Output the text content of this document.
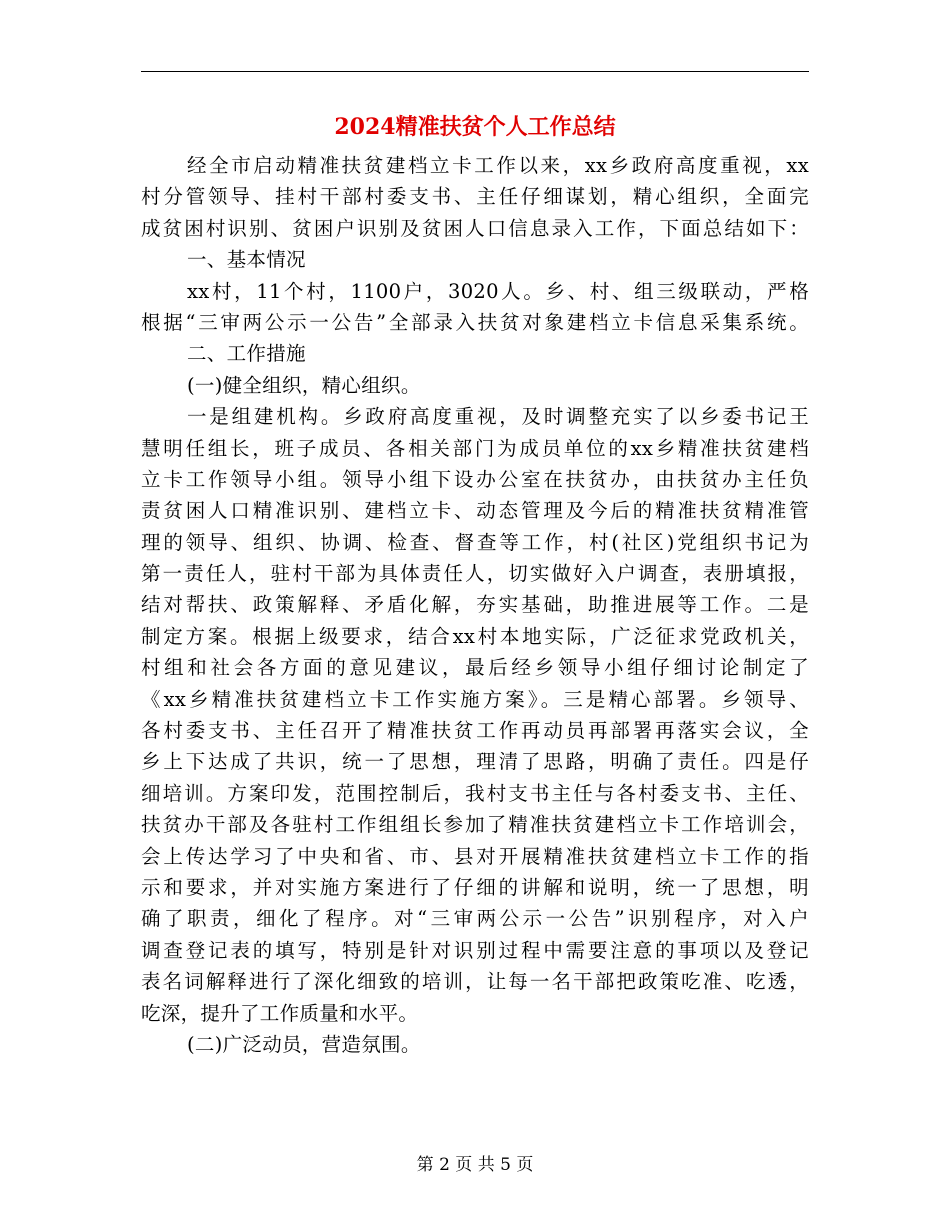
2024精准扶贫个人工作总结
经全市启动精准扶贫建档立卡工作以来，xx乡政府高度重视，xx
村分管领导、挂村干部村委支书、主任仔细谋划，精心组织，全面完
成贫困村识别、贫困户识别及贫困人口信息录入工作，下面总结如下：
一、基本情况
xx村，11个村，1100户，3020人。乡、村、组三级联动，严格
根据“三审两公示一公告”全部录入扶贫对象建档立卡信息采集系统。
二、工作措施
(一)健全组织，精心组织。
一是组建机构。乡政府高度重视，及时调整充实了以乡委书记王
慧明任组长，班子成员、各相关部门为成员单位的xx乡精准扶贫建档
立卡工作领导小组。领导小组下设办公室在扶贫办，由扶贫办主任负
责贫困人口精准识别、建档立卡、动态管理及今后的精准扶贫精准管
理的领导、组织、协调、检查、督查等工作，村(社区)党组织书记为
第一责任人，驻村干部为具体责任人，切实做好入户调查，表册填报，
结对帮扶、政策解释、矛盾化解，夯实基础，助推进展等工作。二是
制定方案。根据上级要求，结合xx村本地实际，广泛征求党政机关，
村组和社会各方面的意见建议，最后经乡领导小组仔细讨论制定了
《xx乡精准扶贫建档立卡工作实施方案》。三是精心部署。乡领导、
各村委支书、主任召开了精准扶贫工作再动员再部署再落实会议，全
乡上下达成了共识，统一了思想，理清了思路，明确了责任。四是仔
细培训。方案印发，范围控制后，我村支书主任与各村委支书、主任、
扶贫办干部及各驻村工作组组长参加了精准扶贫建档立卡工作培训会，
会上传达学习了中央和省、市、县对开展精准扶贫建档立卡工作的指
示和要求，并对实施方案进行了仔细的讲解和说明，统一了思想，明
确了职责，细化了程序。对“三审两公示一公告”识别程序，对入户
调查登记表的填写，特别是针对识别过程中需要注意的事项以及登记
表名词解释进行了深化细致的培训，让每一名干部把政策吃准、吃透，
吃深，提升了工作质量和水平。
(二)广泛动员，营造氛围。
第 2 页 共 5 页
